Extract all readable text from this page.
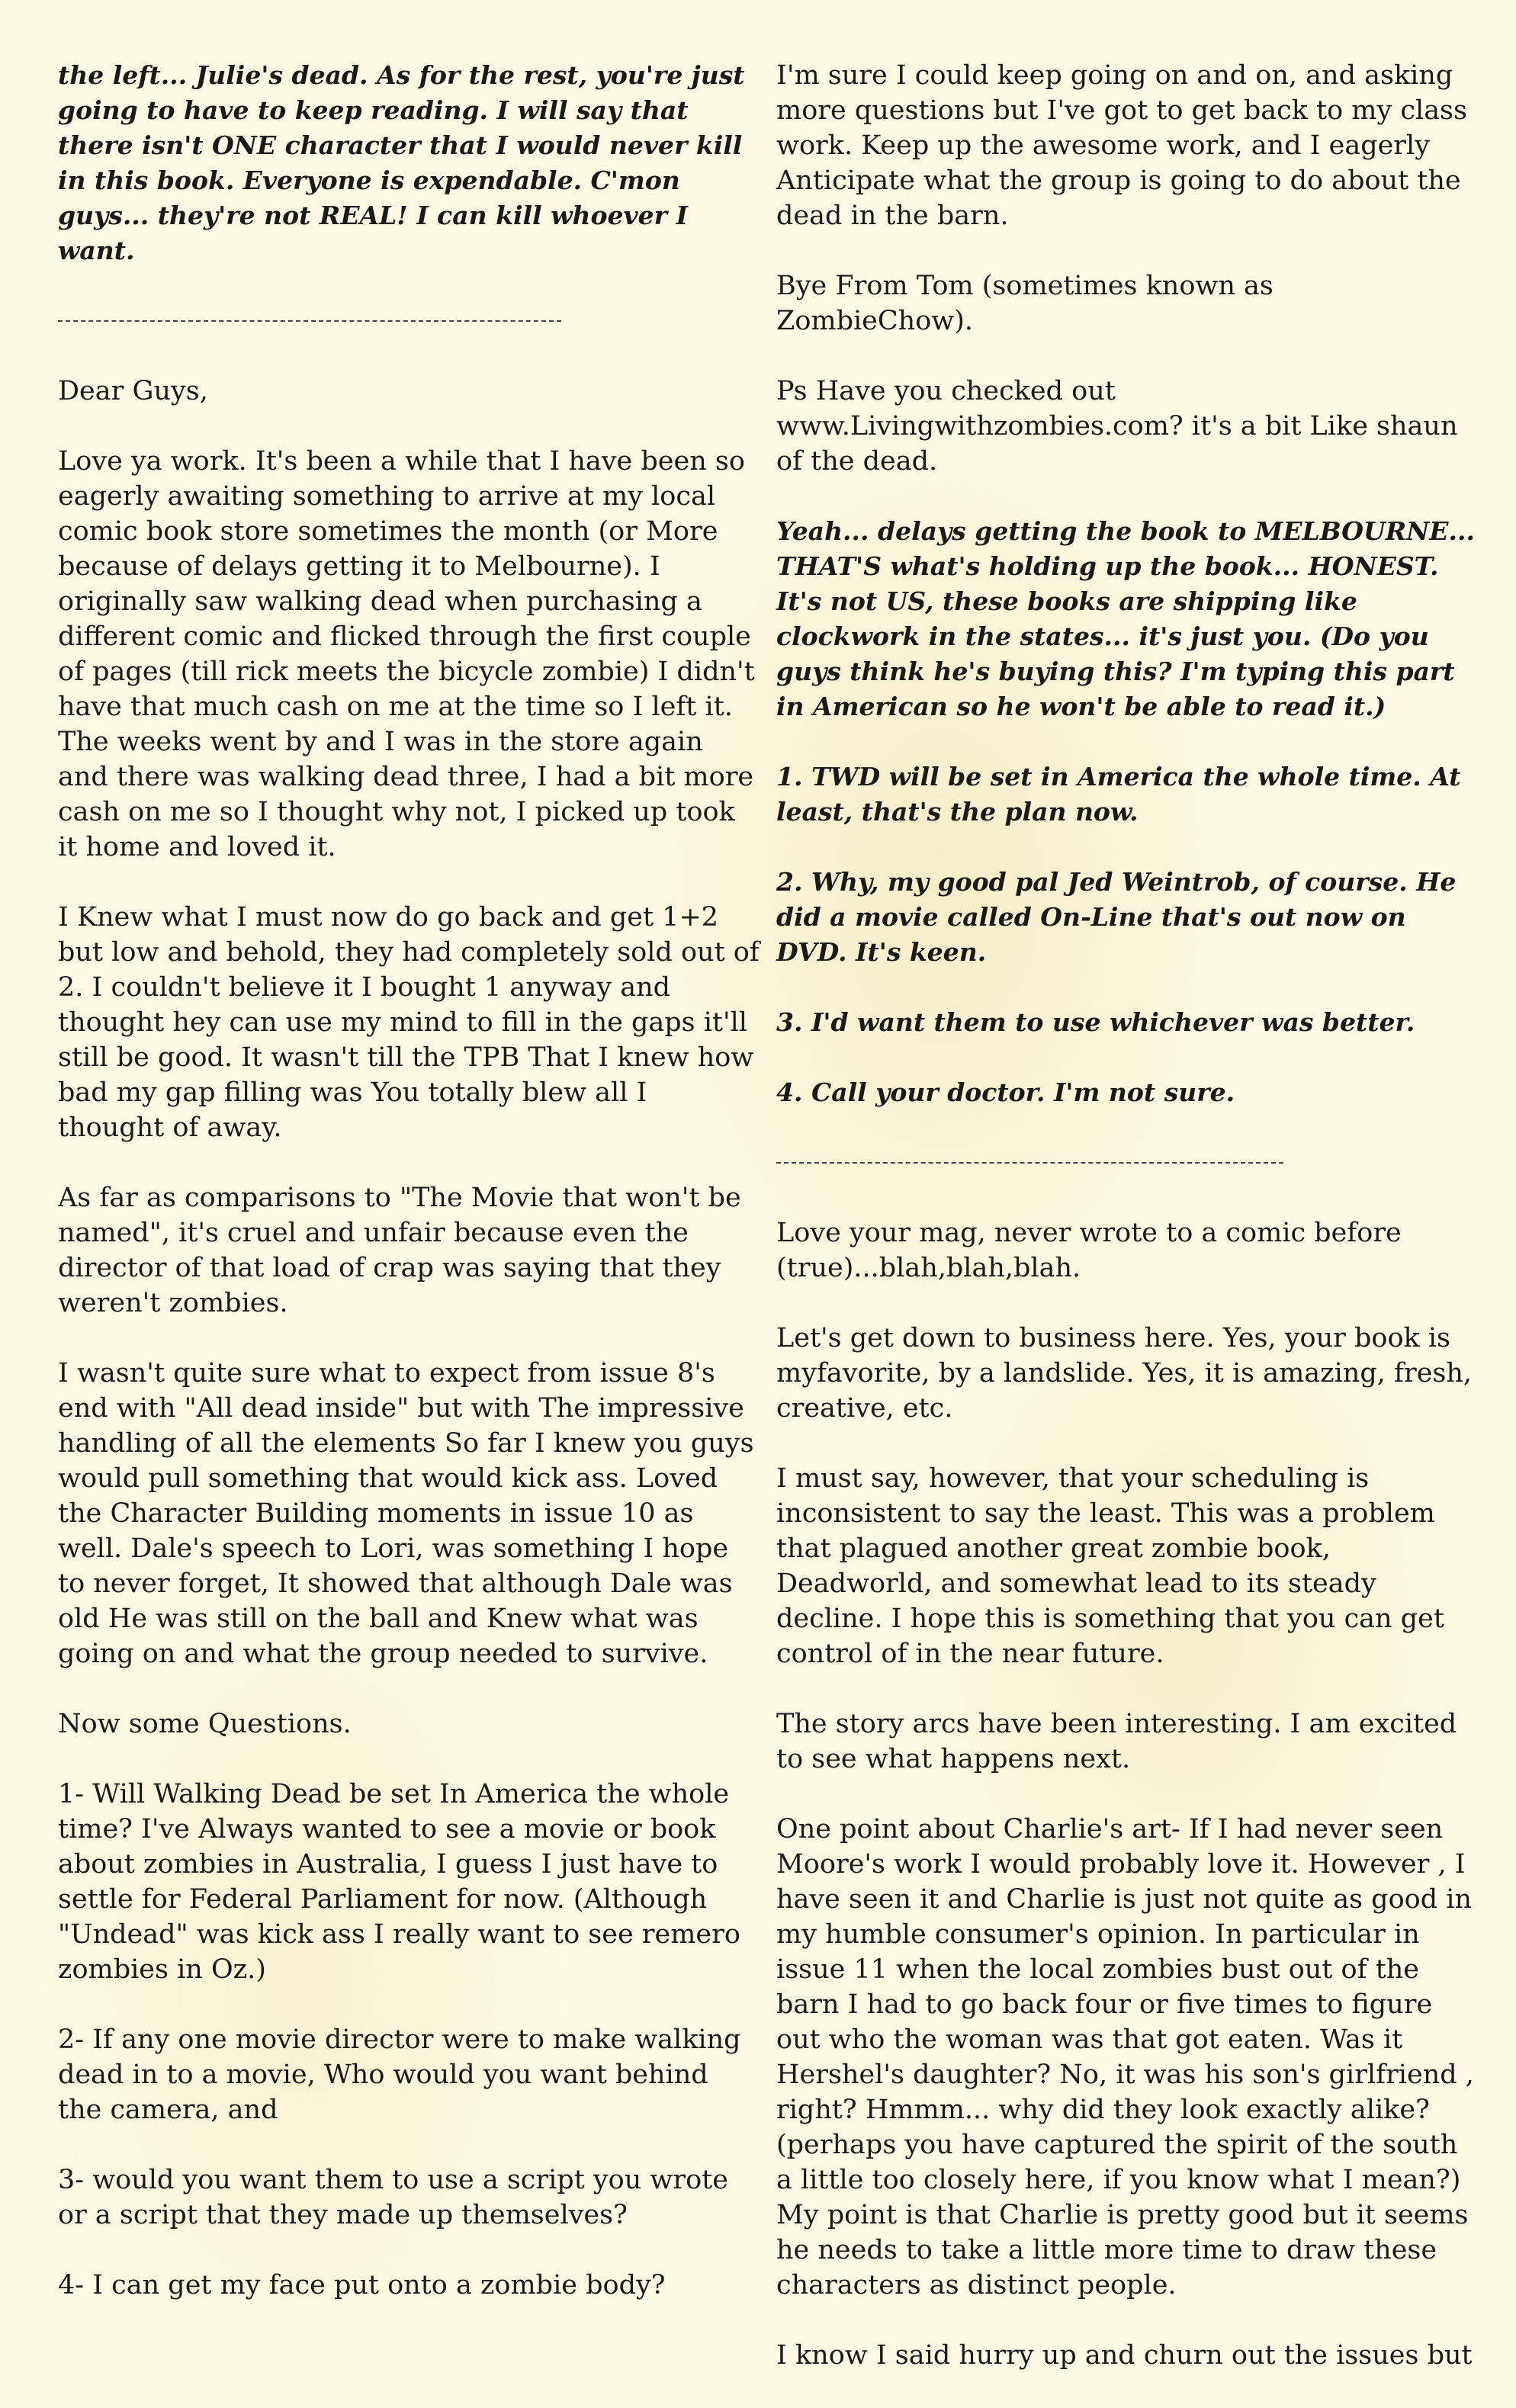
the left... Julie's dead. As for the rest, you're just going to have to keep reading. I will say that there isn't ONE character that I would never kill in this book. Everyone is expendable. C'mon guys... they're not REAL! I can kill whoever I want.

Dear Guys,

Love ya work. It's been a while that I have been so eagerly awaiting something to arrive at my local comic book store sometimes the month (or More because of delays getting it to Melbourne). I originally saw walking dead when purchasing a different comic and flicked through the first couple of pages (till rick meets the bicycle zombie) I didn't have that much cash on me at the time so I left it. The weeks went by and I was in the store again and there was walking dead three, I had a bit more cash on me so I thought why not, I picked up took it home and loved it.

I Knew what I must now do go back and get 1+2 but low and behold, they had completely sold out of 2. I couldn't believe it I bought 1 anyway and thought hey can use my mind to fill in the gaps it'll still be good. It wasn't till the TPB That I knew how bad my gap filling was You totally blew all I thought of away.

As far as comparisons to "The Movie that won't be named", it's cruel and unfair because even the director of that load of crap was saying that they weren't zombies.

I wasn't quite sure what to expect from issue 8's end with "All dead inside" but with The impressive handling of all the elements So far I knew you guys would pull something that would kick ass. Loved the Character Building moments in issue 10 as well. Dale's speech to Lori, was something I hope to never forget, It showed that although Dale was old He was still on the ball and Knew what was going on and what the group needed to survive.

Now some Questions.

1- Will Walking Dead be set In America the whole time? I've Always wanted to see a movie or book about zombies in Australia, I guess I just have to settle for Federal Parliament for now. (Although "Undead" was kick ass I really want to see remero zombies in Oz.)

2- If any one movie director were to make walking dead in to a movie, Who would you want behind the camera, and

3- would you want them to use a script you wrote or a script that they made up themselves?

4- I can get my face put onto a zombie body?

I'm sure I could keep going on and on, and asking more questions but I've got to get back to my class work. Keep up the awesome work, and I eagerly Anticipate what the group is going to do about the dead in the barn.

Bye From Tom (sometimes known as ZombieChow).

Ps Have you checked out www.Livingwithzombies.com? it's a bit Like shaun of the dead.

Yeah... delays getting the book to MELBOURNE... THAT'S what's holding up the book... HONEST. It's not US, these books are shipping like clockwork in the states... it's just you. (Do you guys think he's buying this? I'm typing this part in American so he won't be able to read it.)

1. TWD will be set in America the whole time. At least, that's the plan now.

2. Why, my good pal Jed Weintrob, of course. He did a movie called On-Line that's out now on DVD. It's keen.

3. I'd want them to use whichever was better.

4. Call your doctor. I'm not sure.

Love your mag, never wrote to a comic before (true)...blah,blah,blah.

Let's get down to business here. Yes, your book is myfavorite, by a landslide. Yes, it is amazing, fresh, creative, etc.

I must say, however, that your scheduling is inconsistent to say the least. This was a problem that plagued another great zombie book, Deadworld, and somewhat lead to its steady decline. I hope this is something that you can get control of in the near future.

The story arcs have been interesting. I am excited to see what happens next.

One point about Charlie's art- If I had never seen Moore's work I would probably love it. However , I have seen it and Charlie is just not quite as good in my humble consumer's opinion. In particular in issue 11 when the local zombies bust out of the barn I had to go back four or five times to figure out who the woman was that got eaten. Was it Hershel's daughter? No, it was his son's girlfriend , right? Hmmm... why did they look exactly alike? (perhaps you have captured the spirit of the south a little too closely here, if you know what I mean?) My point is that Charlie is pretty good but it seems he needs to take a little more time to draw these characters as distinct people.

I know I said hurry up and churn out the issues but
